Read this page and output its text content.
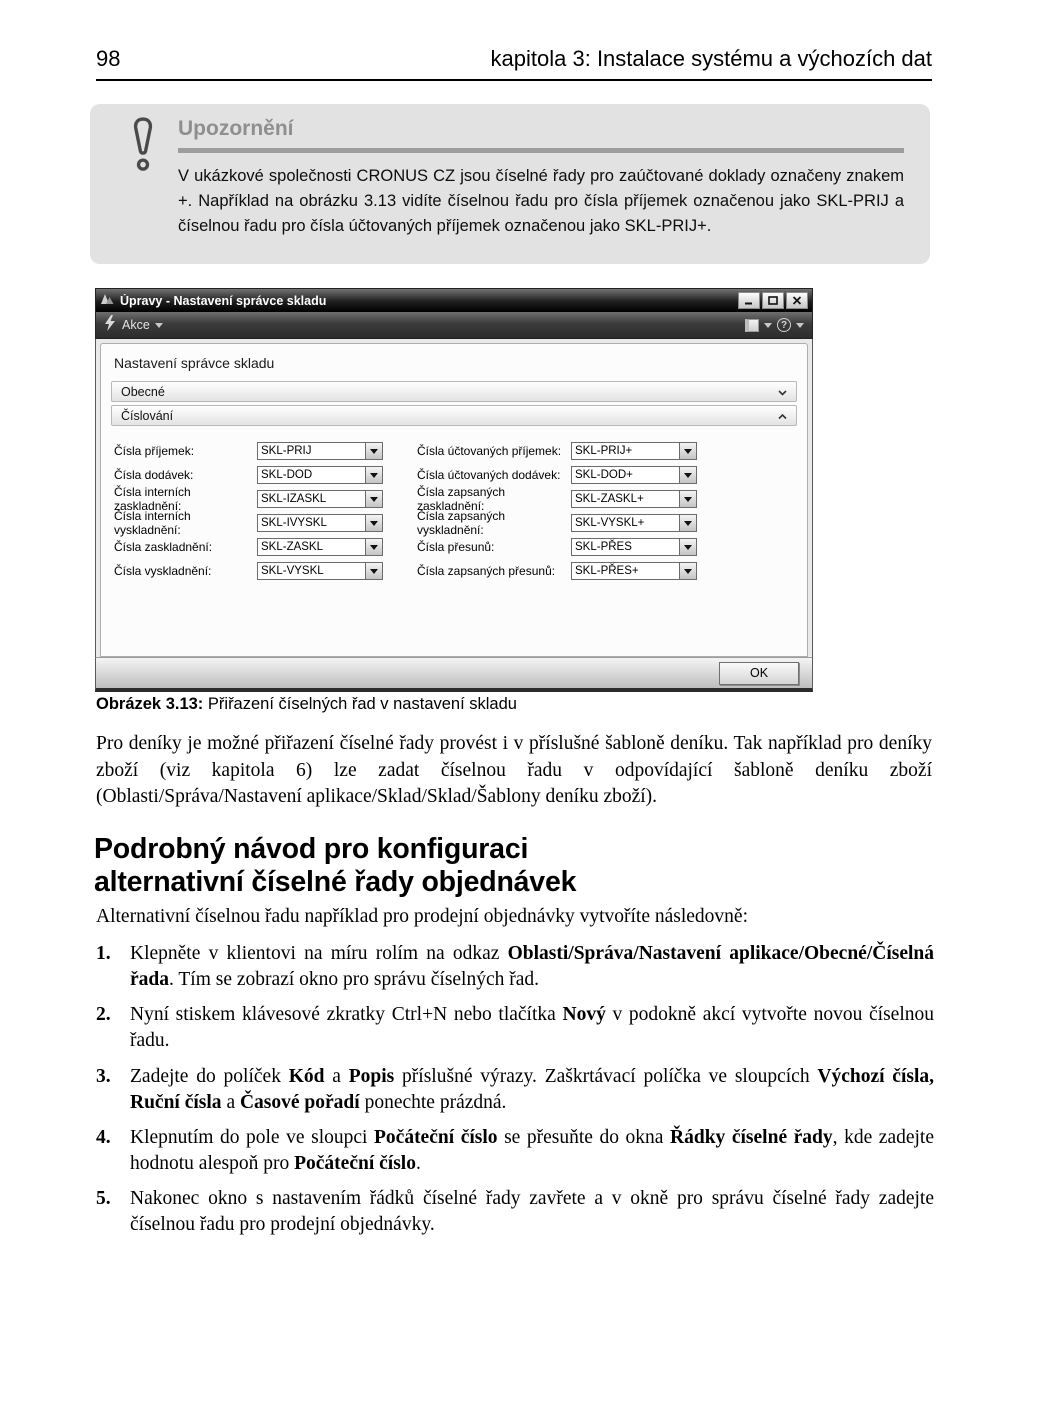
98	kapitola 3: Instalace systému a výchozích dat
Upozornění
V ukázkové společnosti CRONUS CZ jsou číselné řady pro zaúčtované doklady označeny znakem +. Například na obrázku 3.13 vidíte číselnou řadu pro čísla příjemek označenou jako SKL-PRIJ a číselnou řadu pro čísla účtovaných příjemek označenou jako SKL-PRIJ+.
Úpravy - Nastavení správce skladu
Akce	?
Nastavení správce skladu
Obecné
Číslování
Čísla příjemek:	SKL-PRIJ	Čísla účtovaných příjemek:	SKL-PRIJ+
Čísla dodávek:	SKL-DOD	Čísla účtovaných dodávek:	SKL-DOD+
Čísla interních zaskladnění:	SKL-IZASKL	Čísla zapsaných zaskladnění:	SKL-ZASKL+
Čísla interních vyskladnění:	SKL-IVYSKL	Čísla zapsaných vyskladnění:	SKL-VYSKL+
Čísla zaskladnění:	SKL-ZASKL	Čísla přesunů:	SKL-PŘES
Čísla vyskladnění:	SKL-VYSKL	Čísla zapsaných přesunů:	SKL-PŘES+
OK
Obrázek 3.13: Přiřazení číselných řad v nastavení skladu
Pro deníky je možné přiřazení číselné řady provést i v příslušné šabloně deníku. Tak například pro deníky zboží (viz kapitola 6) lze zadat číselnou řadu v odpovídající šabloně deníku zboží (Oblasti/Správa/Nastavení aplikace/Sklad/Sklad/Šablony deníku zboží).
Podrobný návod pro konfiguraci
alternativní číselné řady objednávek
Alternativní číselnou řadu například pro prodejní objednávky vytvoříte následovně:
1. Klepněte v klientovi na míru rolím na odkaz Oblasti/Správa/Nastavení aplikace/Obecné/Číselná řada. Tím se zobrazí okno pro správu číselných řad.
2. Nyní stiskem klávesové zkratky Ctrl+N nebo tlačítka Nový v podokně akcí vytvořte novou číselnou řadu.
3. Zadejte do políček Kód a Popis příslušné výrazy. Zaškrtávací políčka ve sloupcích Výchozí čísla, Ruční čísla a Časové pořadí ponechte prázdná.
4. Klepnutím do pole ve sloupci Počáteční číslo se přesuňte do okna Řádky číselné řady, kde zadejte hodnotu alespoň pro Počáteční číslo.
5. Nakonec okno s nastavením řádků číselné řady zavřete a v okně pro správu číselné řady zadejte číselnou řadu pro prodejní objednávky.
